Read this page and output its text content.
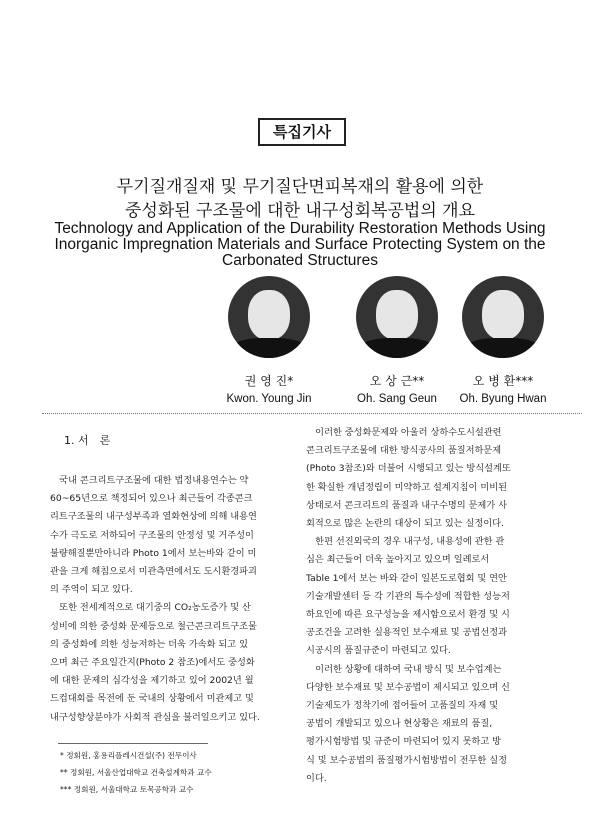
특집기사
무기질개질재 및 무기질단면피복재의 활용에 의한
중성화된 구조물에 대한 내구성회복공법의 개요
Technology and Application of the Durability Restoration Methods Using
Inorganic Impregnation Materials and Surface Protecting System on the
Carbonated Structures
권 영 진*
Kwon. Young Jin
오 상 근**
Oh. Sang Geun
오 병 환***
Oh. Byung Hwan
1. 서　론

　국내 콘크리트구조물에 대한 법정내용연수는 약

60~65년으로 책정되어 있으나 최근들어 각종콘크

리트구조물의 내구성부족과 열화현상에 의해 내용연

수가 극도로 저하되어 구조물의 안정성 및 거주성이

불량해질뿐만아니라 Photo 1에서 보는바와 같이 미

관을 크게 해침으로서 미관측면에서도 도시환경파괴

의 주역이 되고 있다.

　또한 전세계적으로 대기중의 CO₂농도증가 및 산

성비에 의한 중성화 문제등으로 철근콘크리트구조물

의 중성화에 의한 성능저하는 더욱 가속화 되고 있

으며 최근 주요일간지(Photo 2 참조)에서도 중성화

에 대한 문제의 심각성을 제기하고 있어 2002년 월

드컵대회를 목전에 둔 국내의 상황에서 미관제고 및

내구성향상분야가 사회적 관심을 불러일으키고 있다.

　이러한 중성화문제와 아울러 상하수도시설관련

콘크리트구조물에 대한 방식공사의 품질저하문제

(Photo 3참조)와 더불어 시행되고 있는 방식설계또

한 확실한 개념정립이 미약하고 설계지침이 미비된

상태로서 콘크리트의 품질과 내구수명의 문제가 사

회적으로 많은 논란의 대상이 되고 있는 실정이다.

　한편 선진외국의 경우 내구성, 내용성에 관한 관

심은 최근들어 더욱 높아지고 있으며 일례로서

Table 1에서 보는 바와 같이 일본도로협회 및 연안

기술개발센터 등 각 기관의 특수성에 적합한 성능저

하요인에 따른 요구성능을 제시함으로서 환경 및 시

공조건을 고려한 실용적인 보수재료 및 공법선정과

시공시의 품질규준이 마련되고 있다.

　이러한 상황에 대하여 국내 방식 및 보수업계는

다양한 보수재료 및 보수공법이 제시되고 있으며 신

기술제도가 정착기에 접어들어 고품질의 자재 및

공법이 개발되고 있으나 현상황은 재료의 품질,

평가시험방법 및 규준이 마련되어 있지 못하고 방

식 및 보수공법의 품질평가시험방법이 전무한 실정

이다.

* 정회원, 홍용리플레시건설(주) 전무이사
** 정회원, 서울산업대학교 건축설계학과 교수
*** 정회원, 서울대학교 토목공학과 교수
